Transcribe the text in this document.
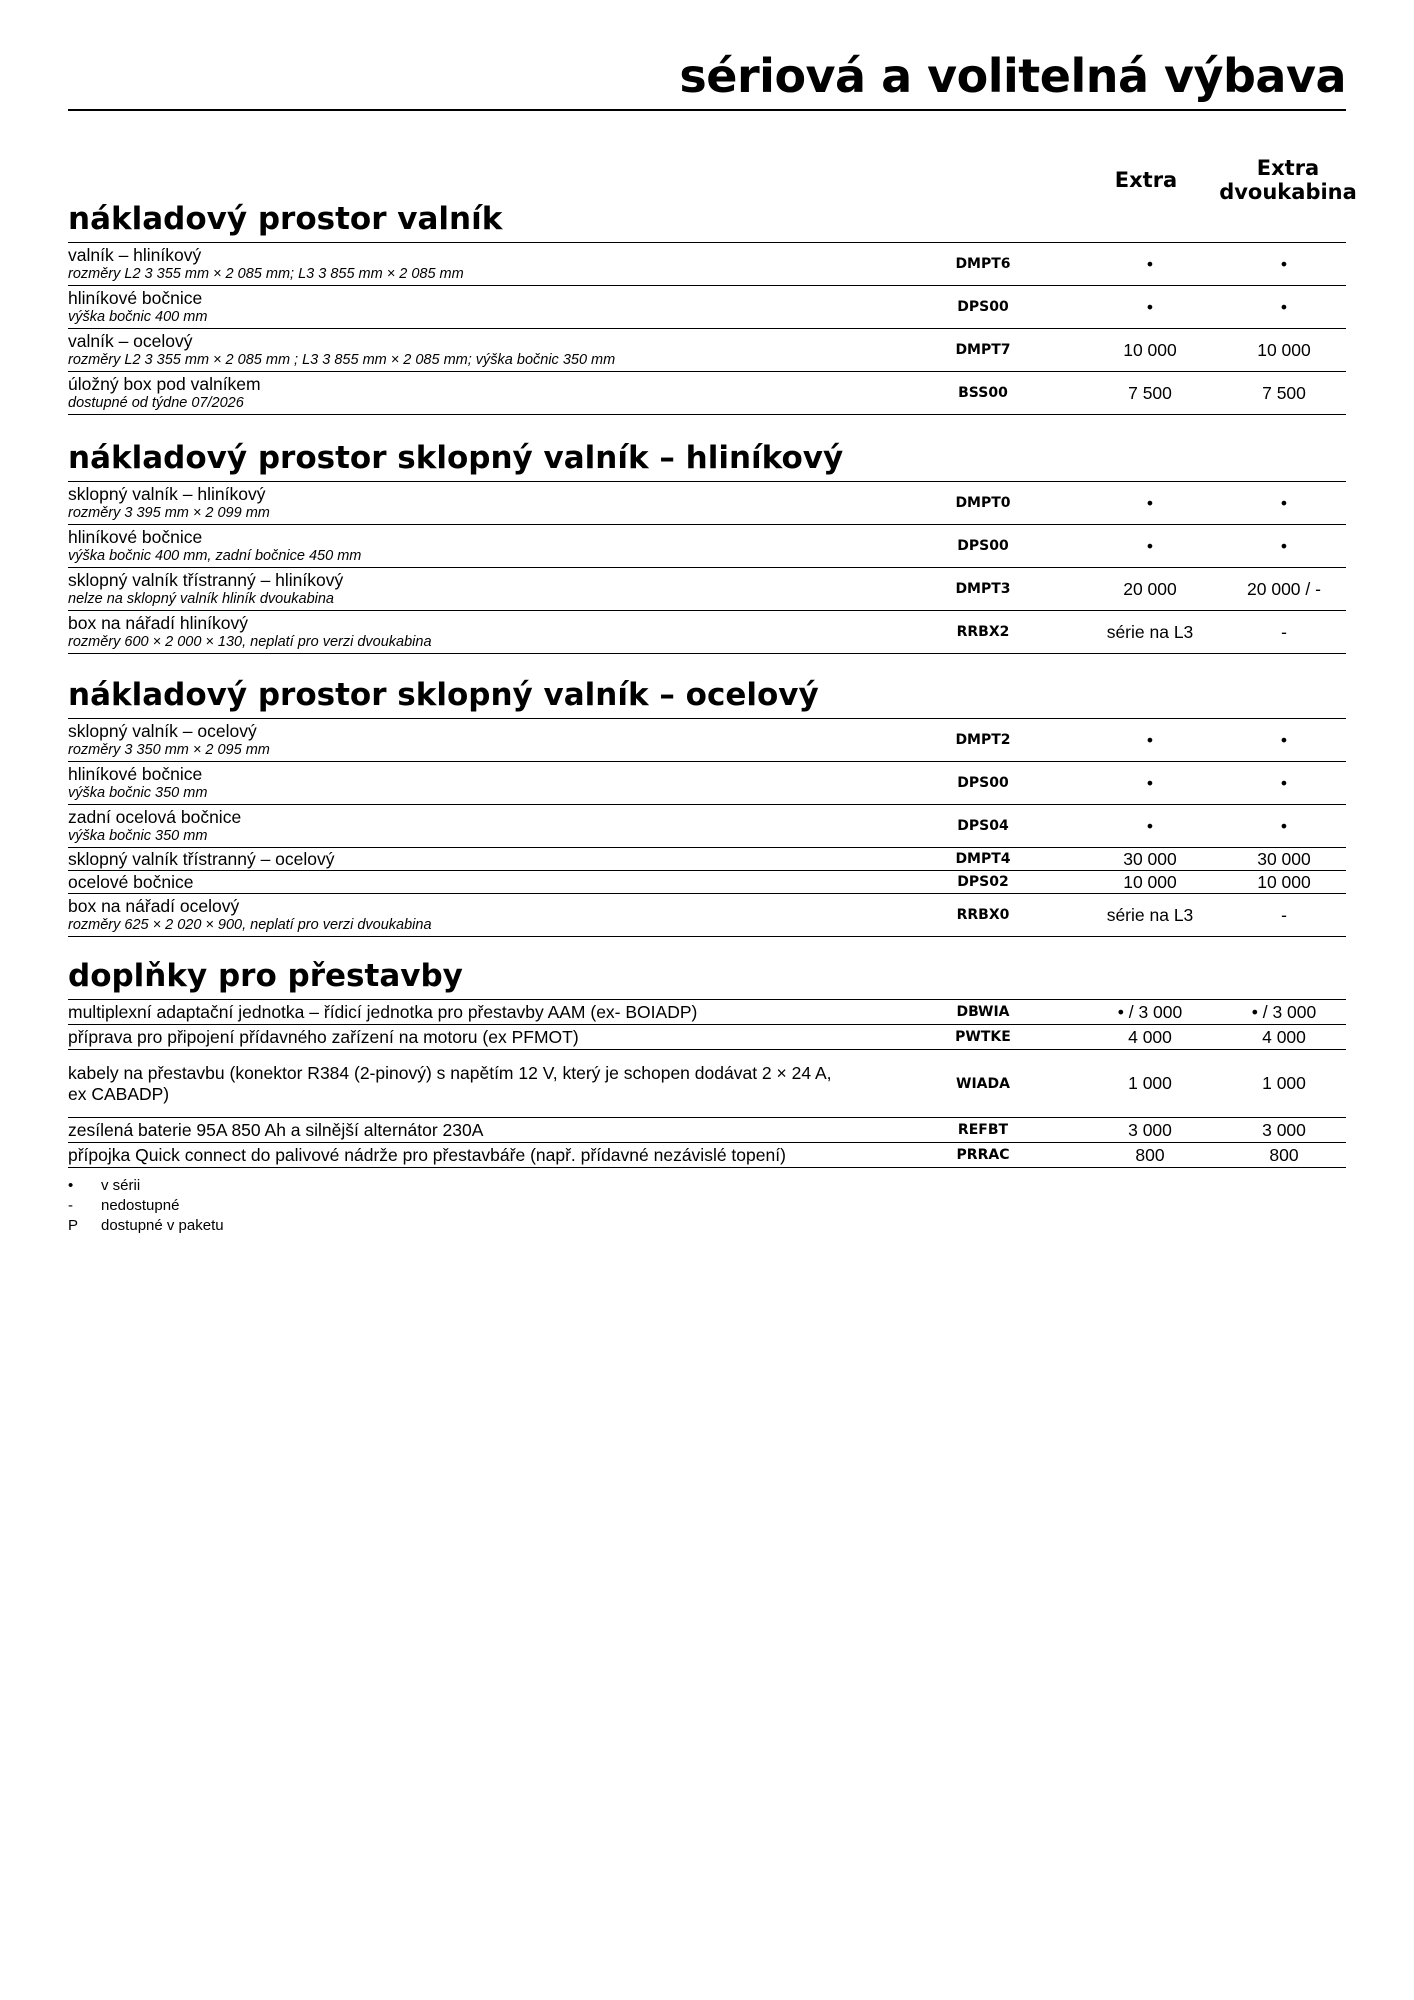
sériová a volitelná výbava
Extra	Extra dvoukabina
nákladový prostor valník
valník – hliníkový
rozměry L2 3 355 mm × 2 085 mm; L3 3 855 mm × 2 085 mm
DMPT6	•	•
hliníkové bočnice
výška bočnic 400 mm
DPS00	•	•
valník – ocelový
rozměry L2 3 355 mm × 2 085 mm ; L3 3 855 mm × 2 085 mm; výška bočnic 350 mm
DMPT7	10 000	10 000
úložný box pod valníkem
dostupné od týdne 07/2026
BSS00	7 500	7 500
nákladový prostor sklopný valník – hliníkový
sklopný valník – hliníkový
rozměry 3 395 mm × 2 099 mm
DMPT0	•	•
hliníkové bočnice
výška bočnic 400 mm, zadní bočnice 450 mm
DPS00	•	•
sklopný valník třístranný – hliníkový
nelze na sklopný valník hliník dvoukabina
DMPT3	20 000	20 000 / -
box na nářadí hliníkový
rozměry 600 × 2 000 × 130, neplatí pro verzi dvoukabina
RRBX2	série na L3	-
nákladový prostor sklopný valník – ocelový
sklopný valník – ocelový
rozměry 3 350 mm × 2 095 mm
DMPT2	•	•
hliníkové bočnice
výška bočnic 350 mm
DPS00	•	•
zadní ocelová bočnice
výška bočnic 350 mm
DPS04	•	•
sklopný valník třístranný – ocelový	DMPT4	30 000	30 000
ocelové bočnice	DPS02	10 000	10 000
box na nářadí ocelový
rozměry 625 × 2 020 × 900, neplatí pro verzi dvoukabina
RRBX0	série na L3	-
doplňky pro přestavby
multiplexní adaptační jednotka – řídicí jednotka pro přestavby AAM (ex- BOIADP)	DBWIA	• / 3 000	• / 3 000
příprava pro připojení přídavného zařízení na motoru (ex PFMOT)	PWTKE	4 000	4 000
kabely na přestavbu (konektor R384 (2-pinový) s napětím 12 V, který je schopen dodávat 2 × 24 A,
ex CABADP)	WIADA	1 000	1 000
zesílená baterie 95A 850 Ah a silnější alternátor 230A	REFBT	3 000	3 000
přípojka Quick connect do palivové nádrže pro přestavbáře (např. přídavné nezávislé topení)	PRRAC	800	800
•	v sérii
-	nedostupné
P	dostupné v paketu
